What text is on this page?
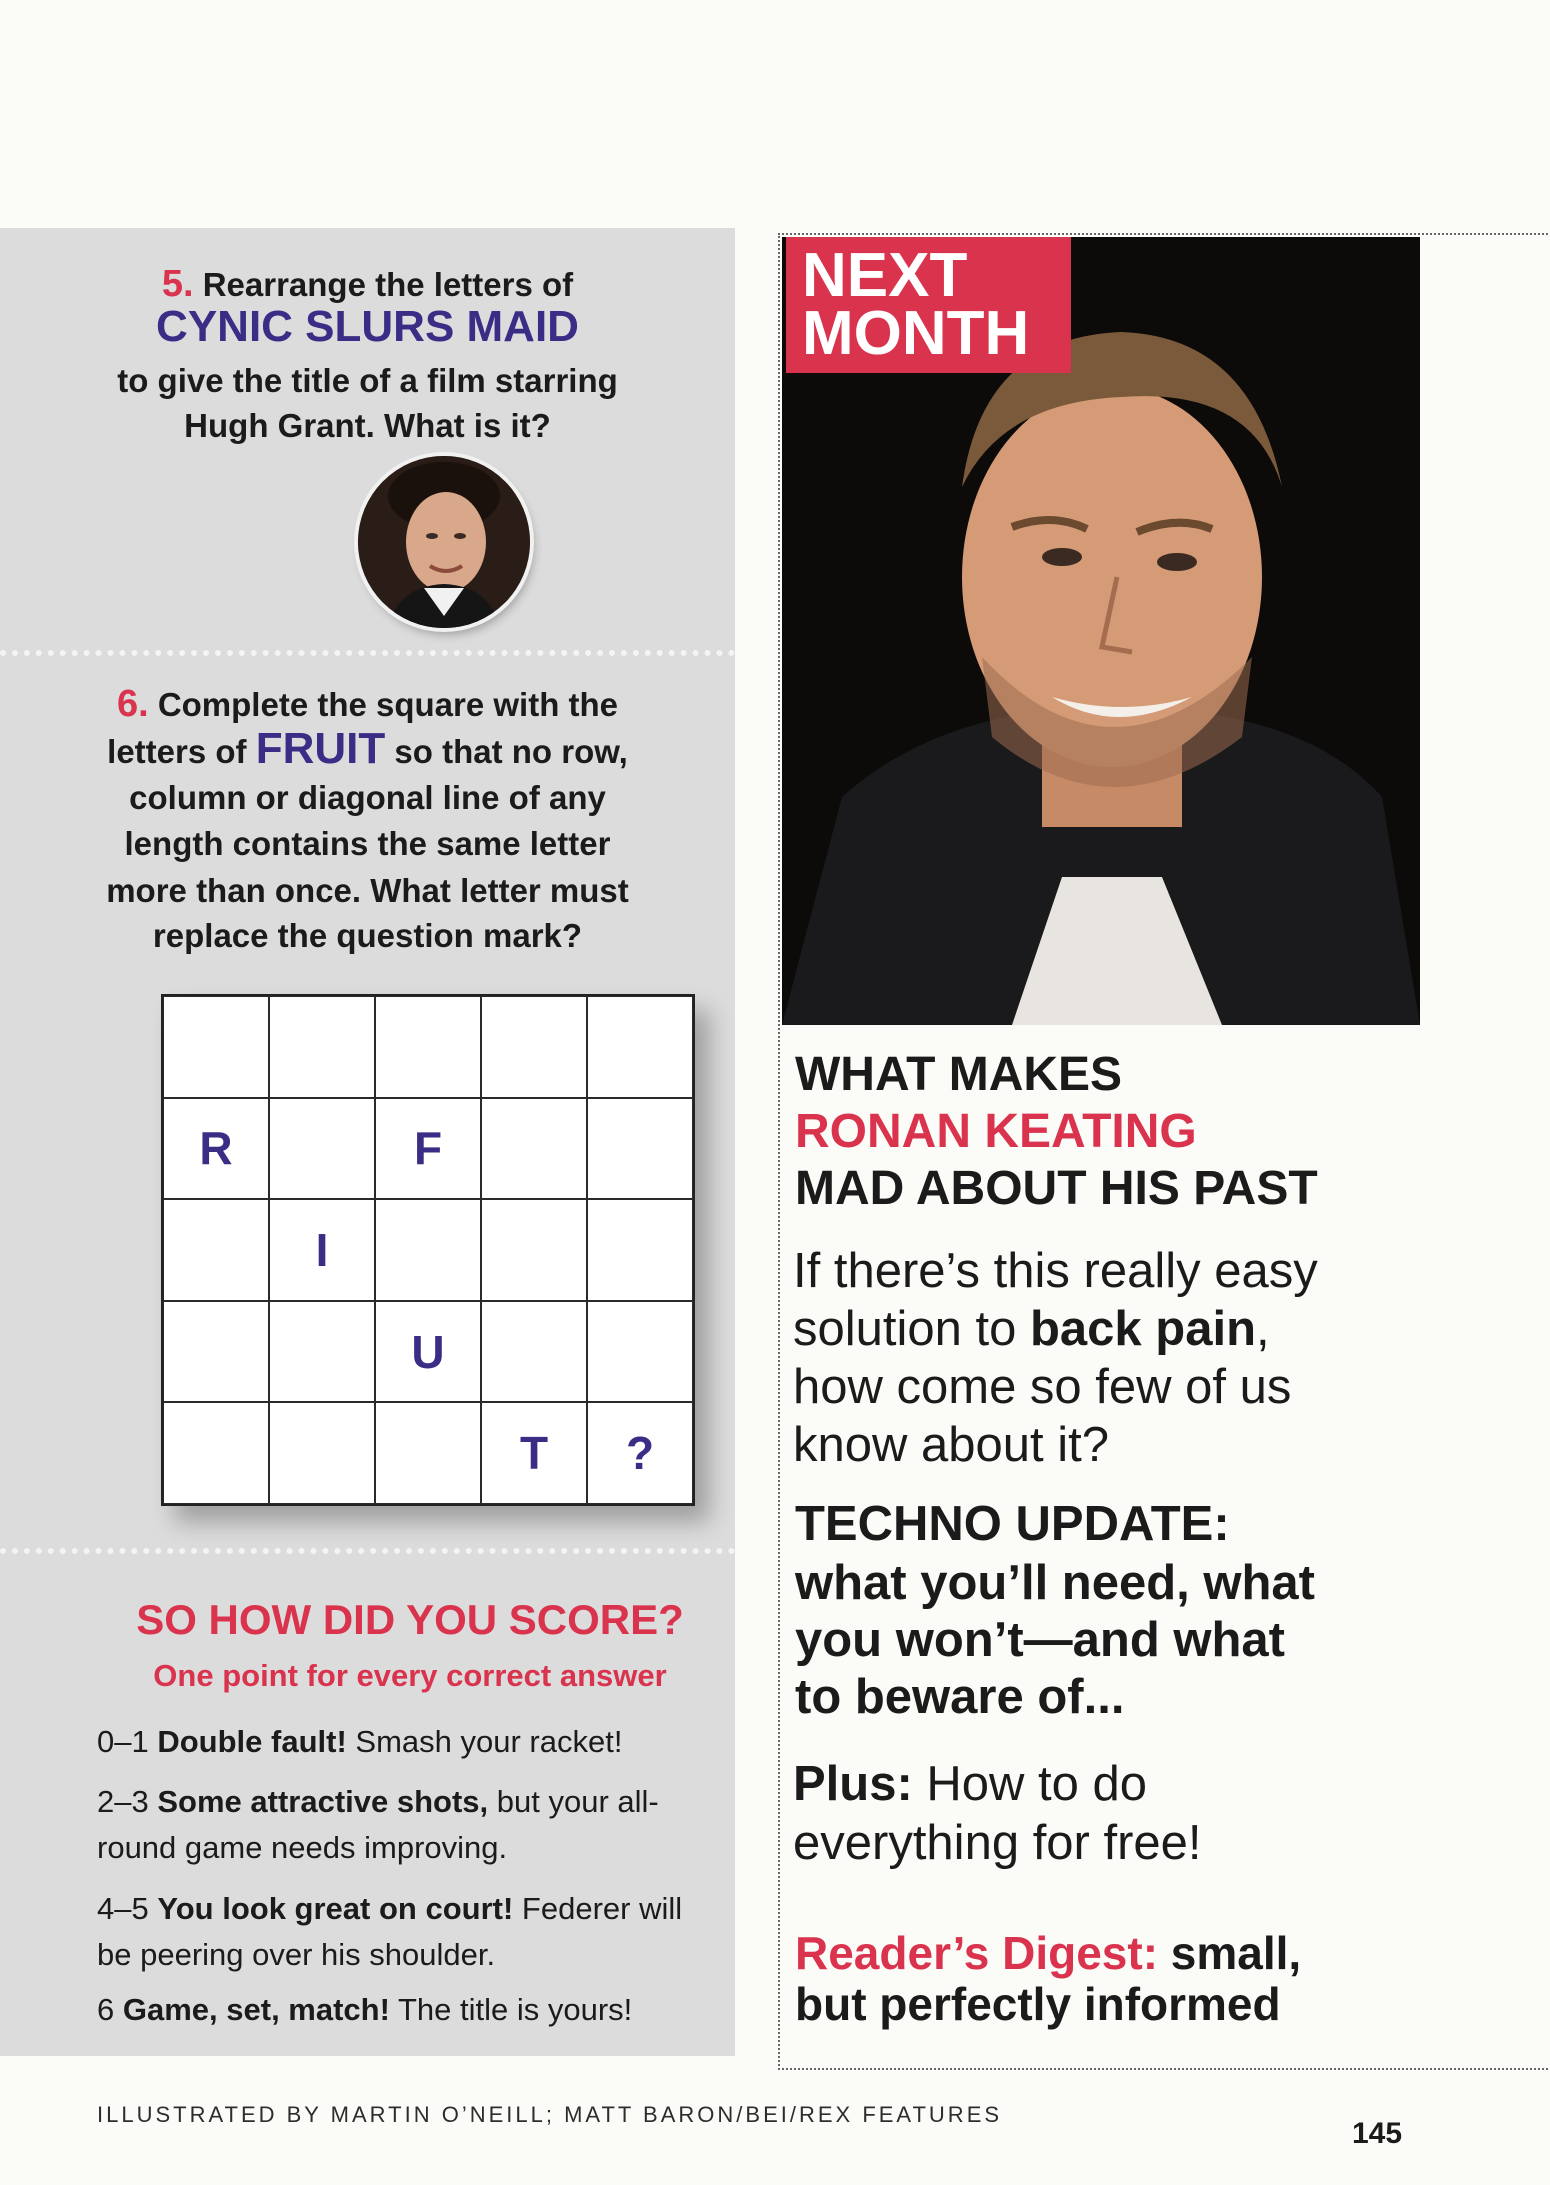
5. Rearrange the letters of
CYNIC SLURS MAID
to give the title of a film starring
Hugh Grant. What is it?
6. Complete the square with the
letters of FRUIT so that no row,
column or diagonal line of any
length contains the same letter
more than once. What letter must
replace the question mark?
R	F
I
U
T	?
SO HOW DID YOU SCORE?
One point for every correct answer
0–1 Double fault! Smash your racket!
2–3 Some attractive shots, but your all-round game needs improving.
4–5 You look great on court! Federer will be peering over his shoulder.
6 Game, set, match! The title is yours!
NEXT
MONTH
WHAT MAKES
RONAN KEATING
MAD ABOUT HIS PAST
If there’s this really easy
solution to back pain,
how come so few of us
know about it?
TECHNO UPDATE:
what you’ll need, what
you won’t—and what
to beware of...
Plus: How to do
everything for free!
Reader’s Digest: small,
but perfectly informed
ILLUSTRATED BY MARTIN O’NEILL; MATT BARON/BEI/REX FEATURES
145
